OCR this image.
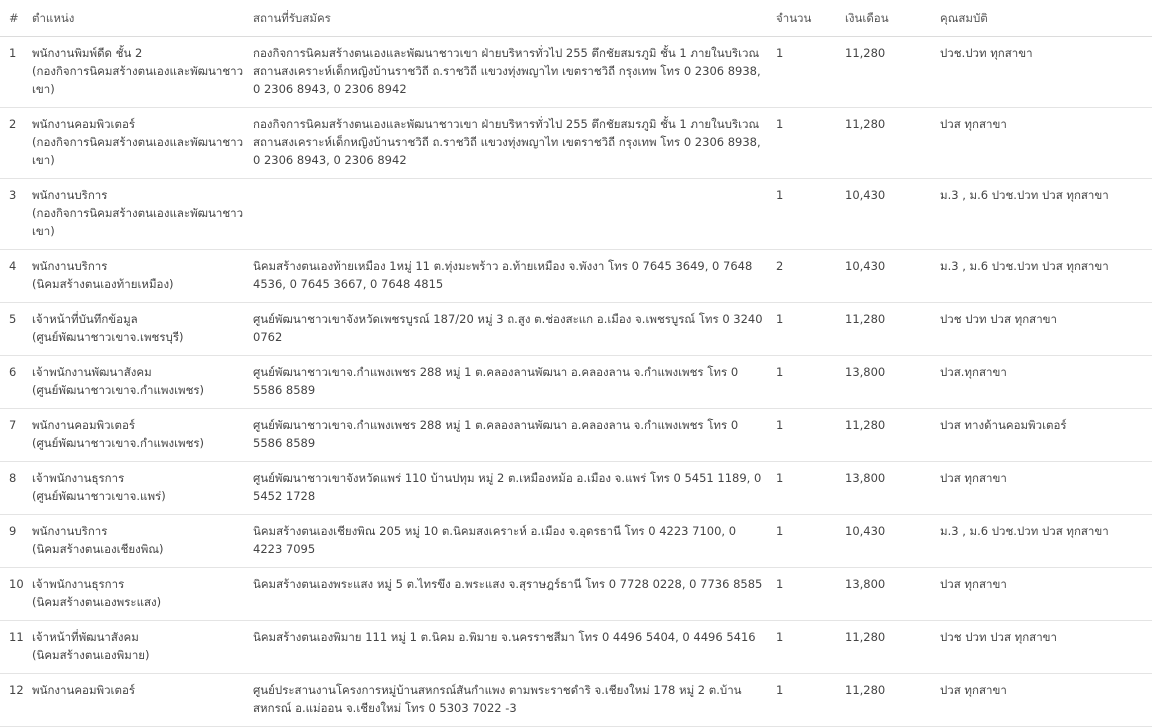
#	ตำแหน่ง	สถานที่รับสมัคร	จำนวน	เงินเดือน	คุณสมบัติ
1	พนักงานพิมพ์ดีด ชั้น 2
(กองกิจการนิคมสร้างตนเองและพัฒนาชาวเขา)	กองกิจการนิคมสร้างตนเองและพัฒนาชาวเขา ฝ่ายบริหารทั่วไป 255 ตึกชัยสมรภูมิ ชั้น 1 ภายในบริเวณสถานสงเคราะห์เด็กหญิงบ้านราชวิถี ถ.ราชวิถี แขวงทุ่งพญาไท เขตราชวิถี กรุงเทพ โทร 0 2306 8938, 0 2306 8943, 0 2306 8942	1	11,280	ปวช.ปวท ทุกสาขา
2	พนักงานคอมพิวเตอร์
(กองกิจการนิคมสร้างตนเองและพัฒนาชาวเขา)	กองกิจการนิคมสร้างตนเองและพัฒนาชาวเขา ฝ่ายบริหารทั่วไป 255 ตึกชัยสมรภูมิ ชั้น 1 ภายในบริเวณสถานสงเคราะห์เด็กหญิงบ้านราชวิถี ถ.ราชวิถี แขวงทุ่งพญาไท เขตราชวิถี กรุงเทพ โทร 0 2306 8938, 0 2306 8943, 0 2306 8942	1	11,280	ปวส ทุกสาขา
3	พนักงานบริการ
(กองกิจการนิคมสร้างตนเองและพัฒนาชาวเขา)		1	10,430	ม.3 , ม.6 ปวช.ปวท ปวส ทุกสาขา
4	พนักงานบริการ
(นิคมสร้างตนเองท้ายเหมือง)	นิคมสร้างตนเองท้ายเหมือง 1หมู่ 11 ต.ทุ่งมะพร้าว อ.ท้ายเหมือง จ.พังงา โทร 0 7645 3649, 0 7648 4536, 0 7645 3667, 0 7648 4815	2	10,430	ม.3 , ม.6 ปวช.ปวท ปวส ทุกสาขา
5	เจ้าหน้าที่บันทึกข้อมูล
(ศูนย์พัฒนาชาวเขาจ.เพชรบุรี)	ศูนย์พัฒนาชาวเขาจังหวัดเพชรบูรณ์ 187/20 หมู่ 3 ถ.สูง ต.ช่องสะแก อ.เมือง จ.เพชรบูรณ์ โทร 0 3240 0762	1	11,280	ปวช ปวท ปวส ทุกสาขา
6	เจ้าพนักงานพัฒนาสังคม
(ศูนย์พัฒนาชาวเขาจ.กำแพงเพชร)	ศูนย์พัฒนาชาวเขาจ.กำแพงเพชร 288 หมู่ 1 ต.คลองลานพัฒนา อ.คลองลาน จ.กำแพงเพชร โทร 0 5586 8589	1	13,800	ปวส.ทุกสาขา
7	พนักงานคอมพิวเตอร์
(ศูนย์พัฒนาชาวเขาจ.กำแพงเพชร)	ศูนย์พัฒนาชาวเขาจ.กำแพงเพชร 288 หมู่ 1 ต.คลองลานพัฒนา อ.คลองลาน จ.กำแพงเพชร โทร 0 5586 8589	1	11,280	ปวส ทางด้านคอมพิวเตอร์
8	เจ้าพนักงานธุรการ
(ศูนย์พัฒนาชาวเขาจ.แพร่)	ศูนย์พัฒนาชาวเขาจังหวัดแพร่ 110 บ้านปทุม หมู่ 2 ต.เหมืองหม้อ อ.เมือง จ.แพร่ โทร 0 5451 1189, 0 5452 1728	1	13,800	ปวส ทุกสาขา
9	พนักงานบริการ
(นิคมสร้างตนเองเชียงพิณ)	นิคมสร้างตนเองเชียงพิณ 205 หมู่ 10 ต.นิคมสงเคราะห์ อ.เมือง จ.อุดรธานี โทร 0 4223 7100, 0 4223 7095	1	10,430	ม.3 , ม.6 ปวช.ปวท ปวส ทุกสาขา
10	เจ้าพนักงานธุรการ
(นิคมสร้างตนเองพระแสง)	นิคมสร้างตนเองพระแสง หมู่ 5 ต.ไทรขึง อ.พระแสง จ.สุราษฎร์ธานี โทร 0 7728 0228, 0 7736 8585	1	13,800	ปวส ทุกสาขา
11	เจ้าหน้าที่พัฒนาสังคม
(นิคมสร้างตนเองพิมาย)	นิคมสร้างตนเองพิมาย 111 หมู่ 1 ต.นิคม อ.พิมาย จ.นครราชสีมา โทร 0 4496 5404, 0 4496 5416	1	11,280	ปวช ปวท ปวส ทุกสาขา
12	พนักงานคอมพิวเตอร์	ศูนย์ประสานงานโครงการหมู่บ้านสหกรณ์สันกำแพง ตามพระราชดำริ จ.เชียงใหม่ 178 หมู่ 2 ต.บ้านสหกรณ์ อ.แม่ออน จ.เชียงใหม่ โทร 0 5303 7022 -3	1	11,280	ปวส ทุกสาขา
